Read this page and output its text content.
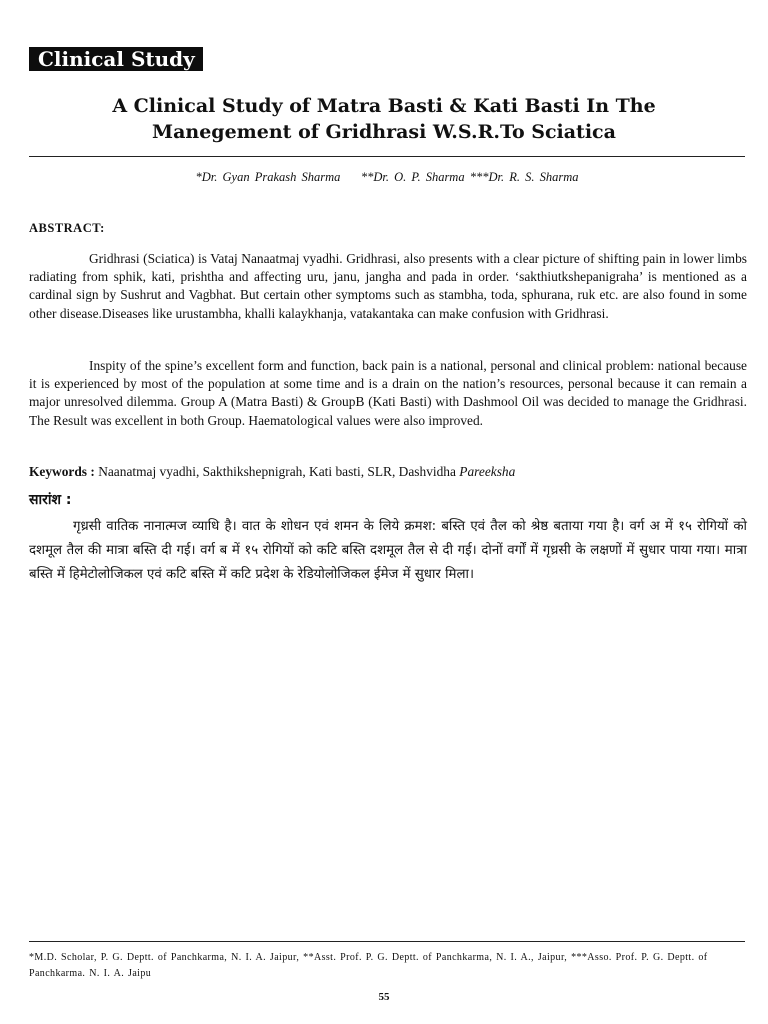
Clinical Study
A Clinical Study of Matra Basti & Kati Basti In The
Manegement of Gridhrasi W.S.R.To Sciatica
*Dr. Gyan Prakash Sharma    **Dr. O. P. Sharma ***Dr. R. S. Sharma
ABSTRACT:

Gridhrasi (Sciatica) is Vataj Nanaatmaj vyadhi. Gridhrasi, also presents with a clear picture of shifting pain in lower limbs radiating from sphik, kati, prishtha and affecting uru, janu, jangha and pada in order. ‘sakthiutkshepanigraha’ is mentioned as a cardinal sign by Sushrut and Vagbhat. But certain other symptoms such as stambha, toda, sphurana, ruk etc. are also found in some other disease.Diseases like urustambha, khalli kalaykhanja, vatakantaka can make confusion with Gridhrasi.

Inspity of the spine’s excellent form and function, back pain is a national, personal and clinical problem: national because it is experienced by most of the population at some time and is a drain on the nation’s resources, personal because it can remain a major unresolved dilemma. Group A (Matra Basti) & GroupB (Kati Basti) with Dashmool Oil was decided to manage the Gridhrasi. The Result was excellent in both Group. Haematological values were also improved.

Keywords : Naanatmaj vyadhi, Sakthikshepnigrah, Kati basti, SLR, Dashvidha Pareeksha
सारांश :

गृध्रसी वातिक नानात्मज व्याधि है। वात के शोधन एवं शमन के लिये क्रमश: बस्ति एवं तैल को श्रेष्ठ बताया गया है। वर्ग अ में १५ रोगियों को दशमूल तैल की मात्रा बस्ति दी गई। वर्ग ब में १५ रोगियों को कटि बस्ति दशमूल तैल से दी गई। दोनों वर्गों में गृध्रसी के लक्षणों में सुधार पाया गया। मात्रा बस्ति में हिमेटोलोजिकल एवं कटि बस्ति में कटि प्रदेश के रेडियोलोजिकल ईमेज में सुधार मिला।

*M.D. Scholar, P. G. Deptt. of Panchkarma, N. I. A. Jaipur, **Asst. Prof. P. G. Deptt. of Panchkarma, N. I. A., Jaipur, ***Asso. Prof. P. G. Deptt. of Panchkarma. N. I. A. Jaipu

55
